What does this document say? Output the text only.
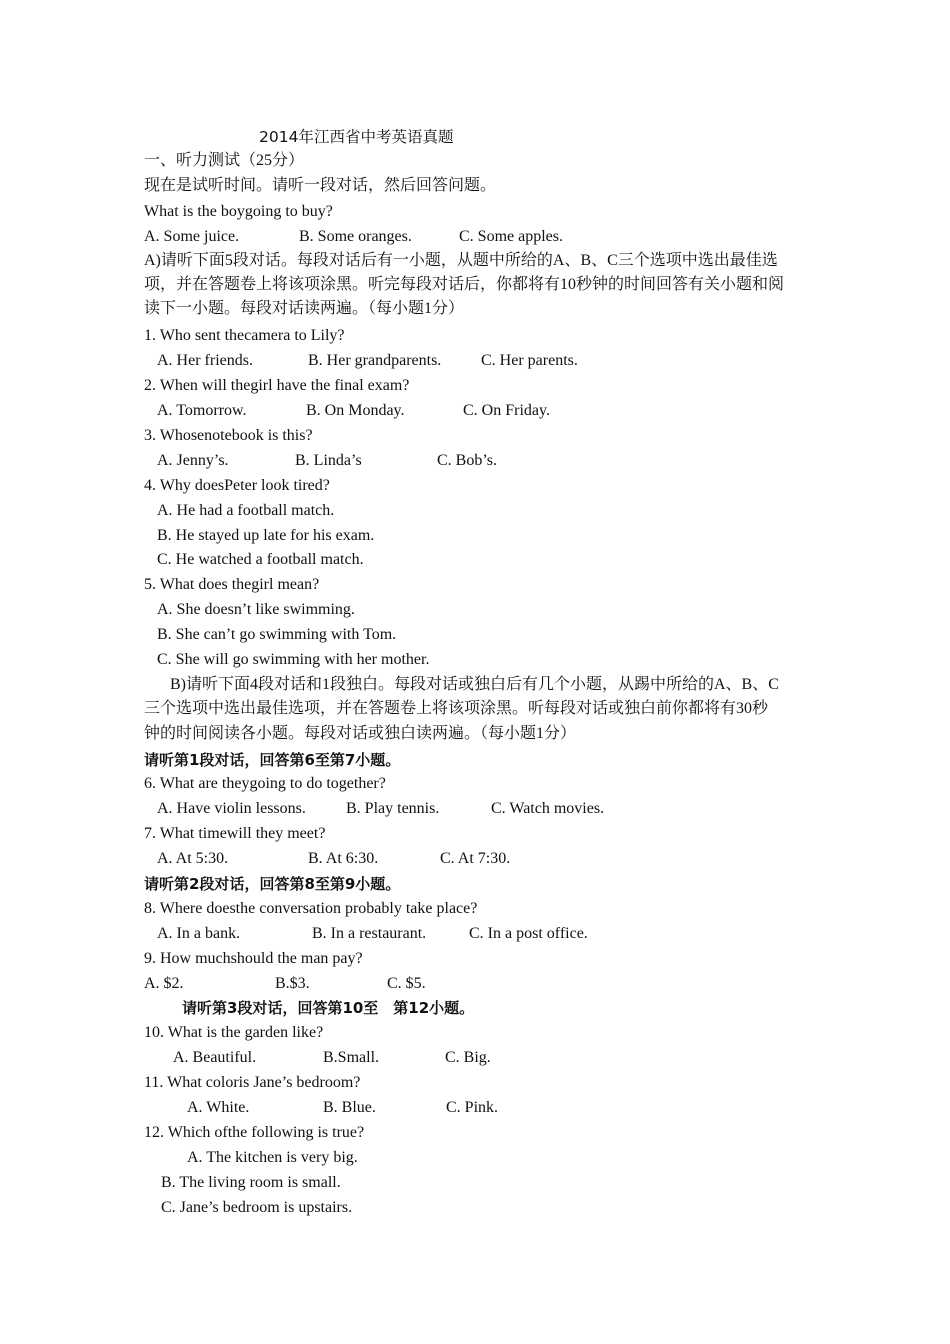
2014年江西省中考英语真题
一、听力测试（25分）
现在是试听时间。请听一段对话，然后回答问题。
What is the boygoing to buy?
A. Some juice.	B. Some oranges.	C. Some apples.
A)请听下面5段对话。每段对话后有一小题，从题中所给的A、B、C三个选项中选出最佳选
项，并在答题卷上将该项涂黑。听完每段对话后，你都将有10秒钟的时间回答有关小题和阅
读下一小题。每段对话读两遍。（每小题1分）
1. Who sent thecamera to Lily?
A. Her friends.	B. Her grandparents. C. Her parents.
2. When will thegirl have the final exam?
A. Tomorrow.	B. On Monday.	C. On Friday.
3. Whosenotebook is this?
A. Jenny’s.	B. Linda’s	C. Bob’s.
4. Why doesPeter look tired?
A. He had a football match.
B. He stayed up late for his exam.
C. He watched a football match.
5. What does thegirl mean?
A. She doesn’t like swimming.
B. She can’t go swimming with Tom.
C. She will go swimming with her mother.
B)请听下面4段对话和1段独白。每段对话或独白后有几个小题，从踢中所给的A、B、C
三个选项中选出最佳选项，并在答题卷上将该项涂黑。听每段对话或独白前你都将有30秒
钟的时间阅读各小题。每段对话或独白读两遍。（每小题1分）
请听第1段对话，回答第6至第7小题。
6. What are theygoing to do together?
A. Have violin lessons.	B. Play tennis.	C. Watch movies.
7. What timewill they meet?
A. At 5:30.	B. At 6:30.	C. At 7:30.
请听第2段对话，回答第8至第9小题。
8. Where doesthe conversation probably take place?
A. In a bank.	B. In a restaurant.	C. In a post office.
9. How muchshould the man pay?
A. $2.	B.$3.	C. $5.
请听第3段对话，回答第10至　第12小题。
10. What is the garden like?
A. Beautiful.	B.Small.	C. Big.
11. What coloris Jane’s bedroom?
A. White.	B. Blue.	C. Pink.
12. Which ofthe following is true?
A. The kitchen is very big.
B. The living room is small.
C. Jane’s bedroom is upstairs.
